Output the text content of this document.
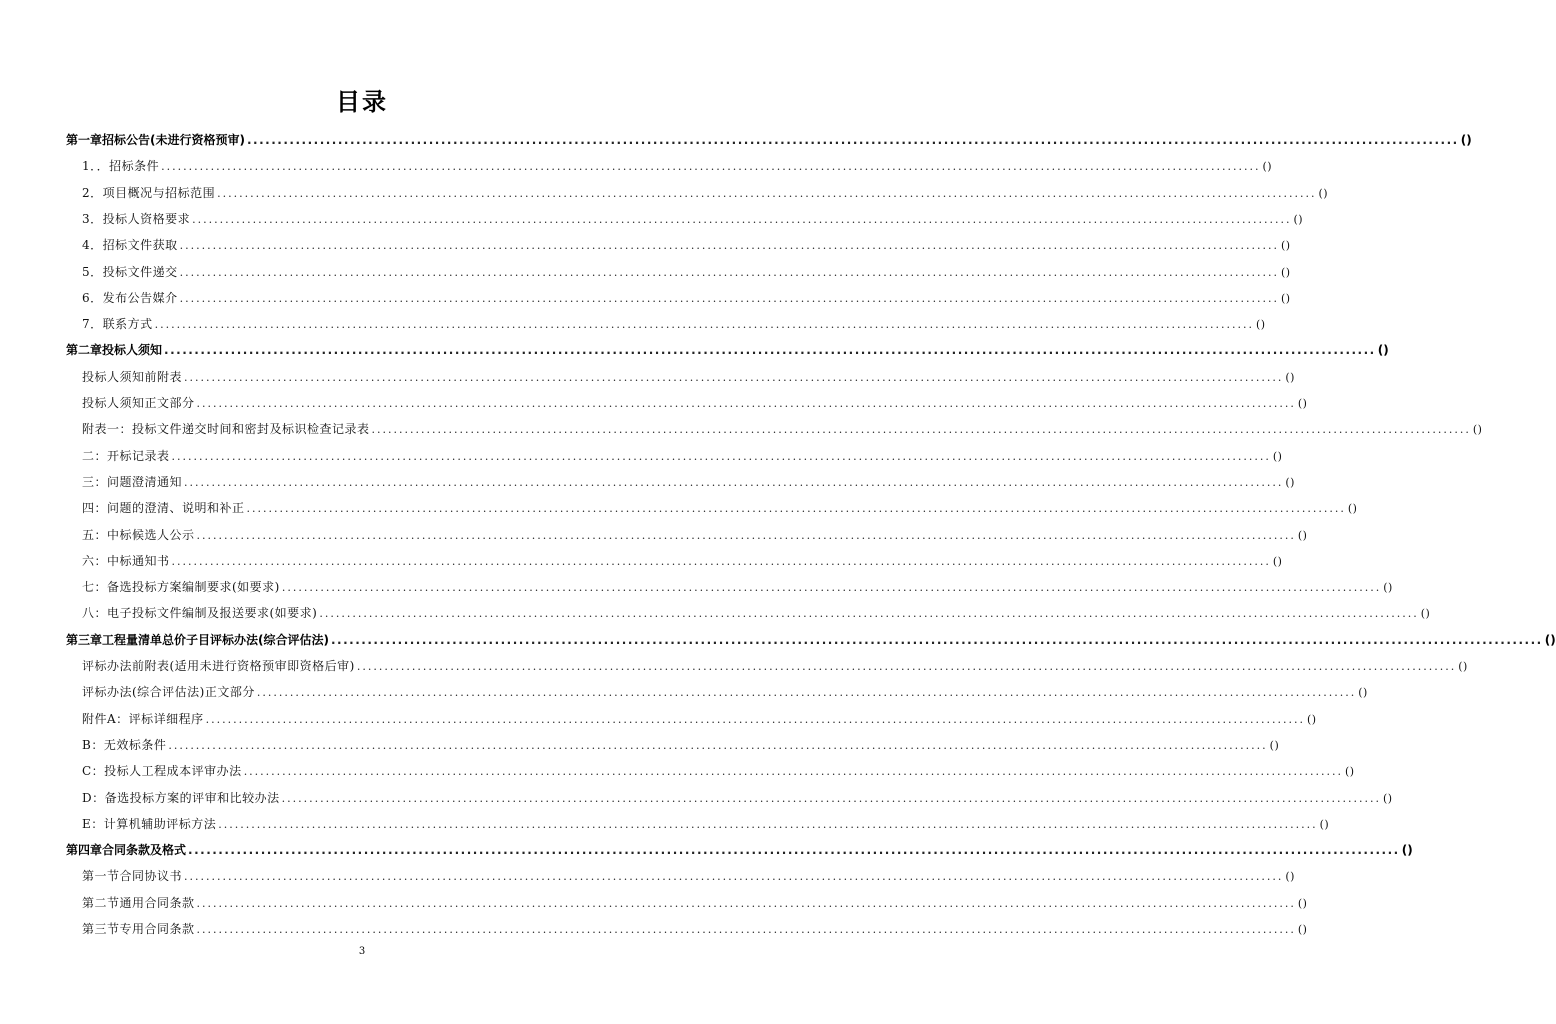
目录
第一章招标公告(未进行资格预审) ........................................................................................................................................................................................................ ()
1．．招标条件 ........................................................................................................................................................................................................ ()
2．项目概况与招标范围 ........................................................................................................................................................................................................ ()
3．投标人资格要求 ........................................................................................................................................................................................................ ()
4．招标文件获取 ........................................................................................................................................................................................................ ()
5．投标文件递交 ........................................................................................................................................................................................................ ()
6．发布公告媒介 ........................................................................................................................................................................................................ ()
7．联系方式 ........................................................................................................................................................................................................ ()
第二章投标人须知 ........................................................................................................................................................................................................ ()
投标人须知前附表 ........................................................................................................................................................................................................ ()
投标人须知正文部分 ........................................................................................................................................................................................................ ()
附表一：投标文件递交时间和密封及标识检查记录表 ........................................................................................................................................................................................................ ()
二：开标记录表 ........................................................................................................................................................................................................ ()
三：问题澄清通知 ........................................................................................................................................................................................................ ()
四：问题的澄清、说明和补正 ........................................................................................................................................................................................................ ()
五：中标候选人公示 ........................................................................................................................................................................................................ ()
六：中标通知书 ........................................................................................................................................................................................................ ()
七：备选投标方案编制要求(如要求) ........................................................................................................................................................................................................ ()
八：电子投标文件编制及报送要求(如要求) ........................................................................................................................................................................................................ ()
第三章工程量清单总价子目评标办法(综合评估法) ........................................................................................................................................................................................................ ()
评标办法前附表(适用未进行资格预审即资格后审) ........................................................................................................................................................................................................ ()
评标办法(综合评估法)正文部分 ........................................................................................................................................................................................................ ()
附件A：评标详细程序 ........................................................................................................................................................................................................ ()
B：无效标条件 ........................................................................................................................................................................................................ ()
C：投标人工程成本评审办法 ........................................................................................................................................................................................................ ()
D：备选投标方案的评审和比较办法 ........................................................................................................................................................................................................ ()
E：计算机辅助评标方法 ........................................................................................................................................................................................................ ()
第四章合同条款及格式 ........................................................................................................................................................................................................ ()
第一节合同协议书 ........................................................................................................................................................................................................ ()
第二节通用合同条款 ........................................................................................................................................................................................................ ()
第三节专用合同条款 ........................................................................................................................................................................................................ ()
3
